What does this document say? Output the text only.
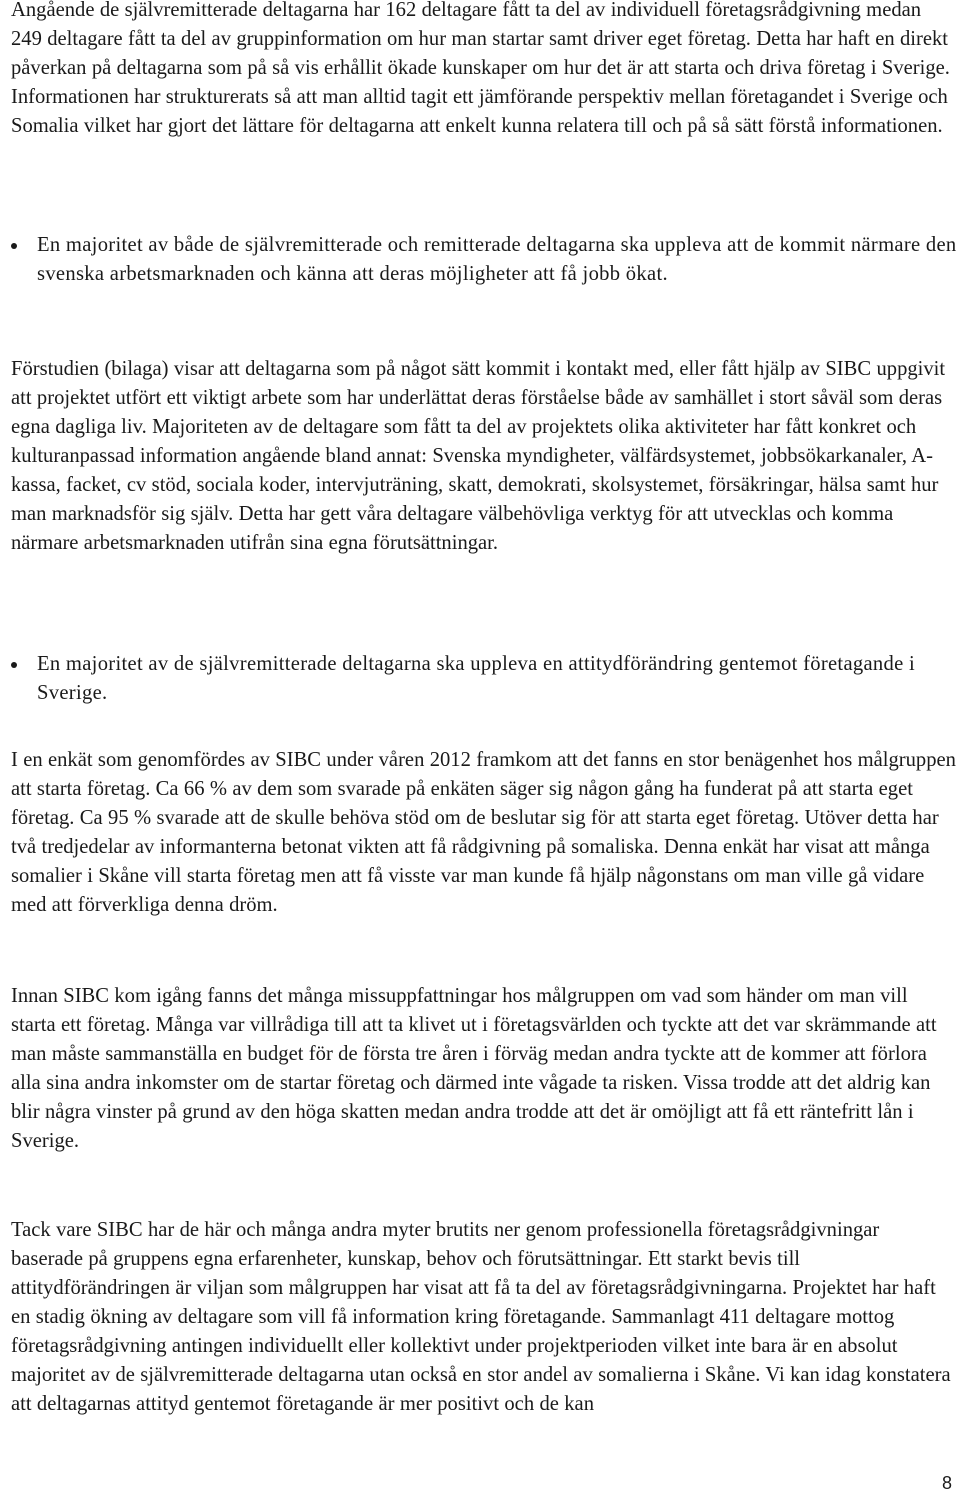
Angående de självremitterade deltagarna har 162 deltagare fått ta del av individuell företagsrådgivning medan 249 deltagare fått ta del av gruppinformation om hur man startar samt driver eget företag. Detta har haft en direkt påverkan på deltagarna som på så vis erhållit ökade kunskaper om hur det är att starta och driva företag i Sverige. Informationen har strukturerats så att man alltid tagit ett jämförande perspektiv mellan företagandet i Sverige och Somalia vilket har gjort det lättare för deltagarna att enkelt kunna relatera till och på så sätt förstå informationen.

En majoritet av både de självremitterade och remitterade deltagarna ska uppleva att de kommit närmare den svenska arbetsmarknaden och känna att deras möjligheter att få jobb ökat.

Förstudien (bilaga) visar att deltagarna som på något sätt kommit i kontakt med, eller fått hjälp av SIBC uppgivit att projektet utfört ett viktigt arbete som har underlättat deras förståelse både av samhället i stort såväl som deras egna dagliga liv. Majoriteten av de deltagare som fått ta del av projektets olika aktiviteter har fått konkret och kulturanpassad information angående bland annat: Svenska myndigheter, välfärdsystemet, jobbsökarkanaler, A-kassa, facket, cv stöd, sociala koder, intervjuträning, skatt, demokrati, skolsystemet, försäkringar, hälsa samt hur man marknadsför sig själv. Detta har gett våra deltagare välbehövliga verktyg för att utvecklas och komma närmare arbetsmarknaden utifrån sina egna förutsättningar.

En majoritet av de självremitterade deltagarna ska uppleva en attitydförändring gentemot företagande i Sverige.

I en enkät som genomfördes av SIBC under våren 2012 framkom att det fanns en stor benägenhet hos målgruppen att starta företag. Ca 66 % av dem som svarade på enkäten säger sig någon gång ha funderat på att starta eget företag. Ca 95 % svarade att de skulle behöva stöd om de beslutar sig för att starta eget företag. Utöver detta har två tredjedelar av informanterna betonat vikten att få rådgivning på somaliska. Denna enkät har visat att många somalier i Skåne vill starta företag men att få visste var man kunde få hjälp någonstans om man ville gå vidare med att förverkliga denna dröm.

Innan SIBC kom igång fanns det många missuppfattningar hos målgruppen om vad som händer om man vill starta ett företag. Många var villrådiga till att ta klivet ut i företagsvärlden och tyckte att det var skrämmande att man måste sammanställa en budget för de första tre åren i förväg medan andra tyckte att de kommer att förlora alla sina andra inkomster om de startar företag och därmed inte vågade ta risken. Vissa trodde att det aldrig kan blir några vinster på grund av den höga skatten medan andra trodde att det är omöjligt att få ett räntefritt lån i Sverige.

Tack vare SIBC har de här och många andra myter brutits ner genom professionella företagsrådgivningar baserade på gruppens egna erfarenheter, kunskap, behov och förutsättningar. Ett starkt bevis till attitydförändringen är viljan som målgruppen har visat att få ta del av företagsrådgivningarna. Projektet har haft en stadig ökning av deltagare som vill få information kring företagande. Sammanlagt 411 deltagare mottog företagsrådgivning antingen individuellt eller kollektivt under projektperioden vilket inte bara är en absolut majoritet av de självremitterade deltagarna utan också en stor andel av somalierna i Skåne. Vi kan idag konstatera att deltagarnas attityd gentemot företagande är mer positivt och de kan

8
